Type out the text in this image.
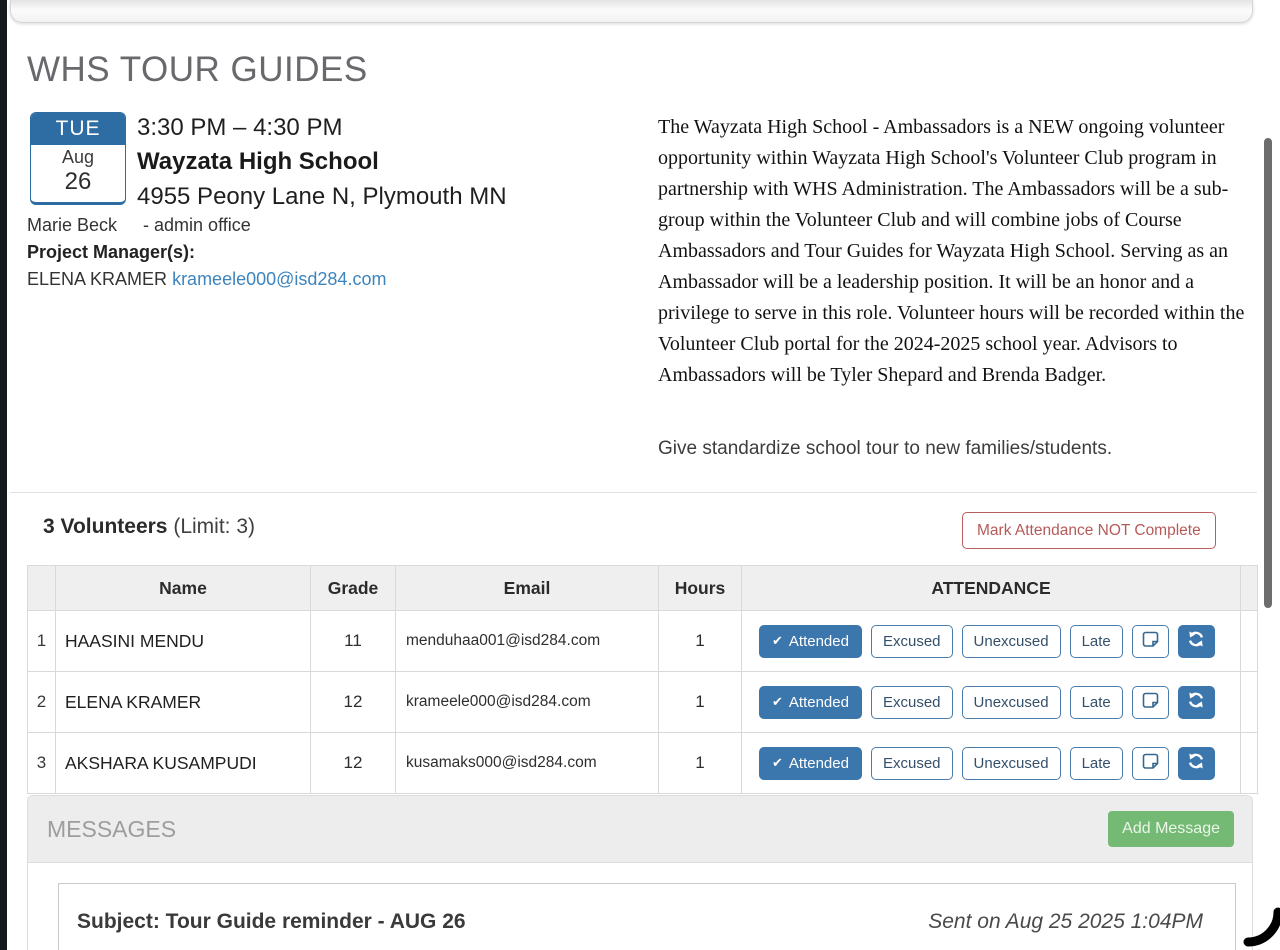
WHS TOUR GUIDES
TUE
Aug
26
3:30 PM – 4:30 PM
Wayzata High School
4955 Peony Lane N, Plymouth MN
Marie Beck - admin office
Project Manager(s):
ELENA KRAMER krameele000@isd284.com
The Wayzata High School - Ambassadors is a NEW ongoing volunteer opportunity within Wayzata High School's Volunteer Club program in partnership with WHS Administration. The Ambassadors will be a sub-group within the Volunteer Club and will combine jobs of Course Ambassadors and Tour Guides for Wayzata High School. Serving as an Ambassador will be a leadership position. It will be an honor and a privilege to serve in this role. Volunteer hours will be recorded within the Volunteer Club portal for the 2024-2025 school year. Advisors to Ambassadors will be Tyler Shepard and Brenda Badger.
Give standardize school tour to new families/students.
3 Volunteers (Limit: 3)	Mark Attendance NOT Complete
	Name	Grade	Email	Hours	ATTENDANCE	
1	HAASINI MENDU	11	menduhaa001@isd284.com	1	✔ Attended Excused Unexcused Late	

2	ELENA KRAMER	12	krameele000@isd284.com	1	✔ Attended Excused Unexcused Late	

3	AKSHARA KUSAMPUDI	12	kusamaks000@isd284.com	1	✔ Attended Excused Unexcused Late	

MESSAGES	Add Message
Subject: Tour Guide reminder - AUG 26	Sent on Aug 25 2025 1:04PM
